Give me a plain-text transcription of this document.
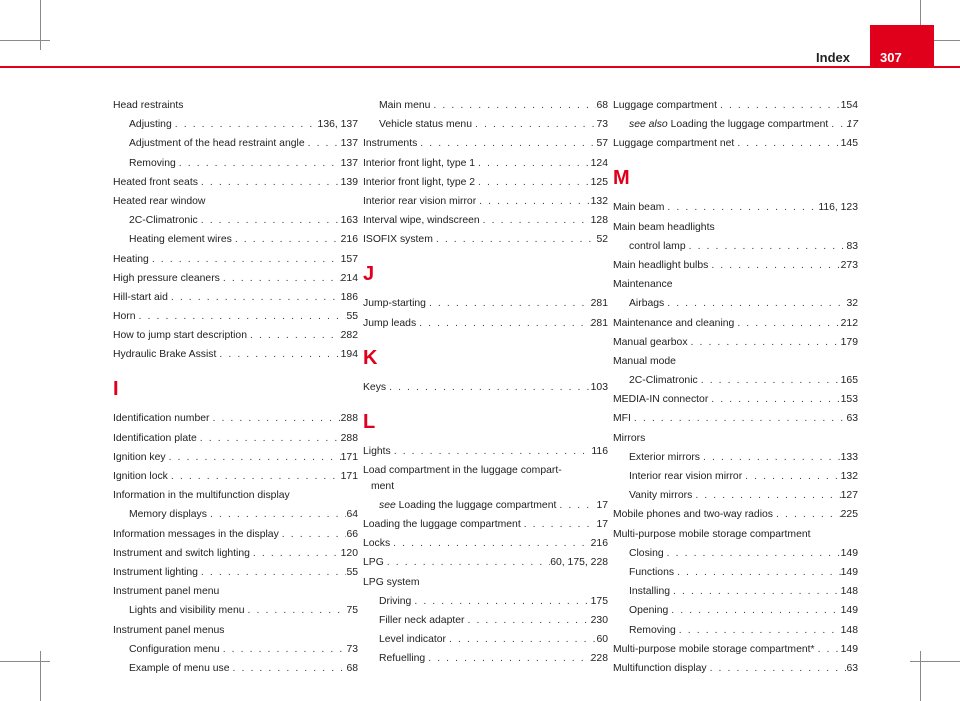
Index 307
Head restraints
Adjusting . . .	136, 137
Adjustment of the head restraint angle . . .	137
Removing . . .	137
Heated front seats . . .	139
Heated rear window
2C-Climatronic . . .	163
Heating element wires . . .	216
Heating . . .	157
High pressure cleaners . . .	214
Hill-start aid . . .	186
Horn . . .	55
How to jump start description . . .	282
Hydraulic Brake Assist . . .	194
I
Identification number . . .	288
Identification plate . . .	288
Ignition key . . .	171
Ignition lock . . .	171
Information in the multifunction display
Memory displays . . .	64
Information messages in the display . . .	66
Instrument and switch lighting . . .	120
Instrument lighting . . .	55
Instrument panel menu
Lights and visibility menu . . .	75
Instrument panel menus
Configuration menu . . .	73
Example of menu use . . .	68
Main menu . . .	68
Vehicle status menu . . .	73
Instruments . . .	57
Interior front light, type 1 . . .	124
Interior front light, type 2 . . .	125
Interior rear vision mirror . . .	132
Interval wipe, windscreen . . .	128
ISOFIX system . . .	52
J
Jump-starting . . .	281
Jump leads . . .	281
K
Keys . . .	103
L
Lights . . .	116
Load compartment in the luggage compart-
ment
see Loading the luggage compartment . . .	17
Loading the luggage compartment . . .	17
Locks . . .	216
LPG . . .	60, 175, 228
LPG system
Driving . . .	175
Filler neck adapter . . .	230
Level indicator . . .	60
Refuelling . . .	228
Luggage compartment . . .	154
see also Loading the luggage compartment . . . 17
Luggage compartment net . . .	145
M
Main beam . . .	116, 123
Main beam headlights
control lamp . . .	83
Main headlight bulbs . . .	273
Maintenance
Airbags . . .	32
Maintenance and cleaning . . .	212
Manual gearbox . . .	179
Manual mode
2C-Climatronic . . .	165
MEDIA-IN connector . . .	153
MFI . . .	63
Mirrors
Exterior mirrors . . .	133
Interior rear vision mirror . . .	132
Vanity mirrors . . .	127
Mobile phones and two-way radios . . .	225
Multi-purpose mobile storage compartment
Closing . . .	149
Functions . . .	149
Installing . . .	148
Opening . . .	149
Removing . . .	148
Multi-purpose mobile storage compartment* . . .	149
Multifunction display . . .	63
